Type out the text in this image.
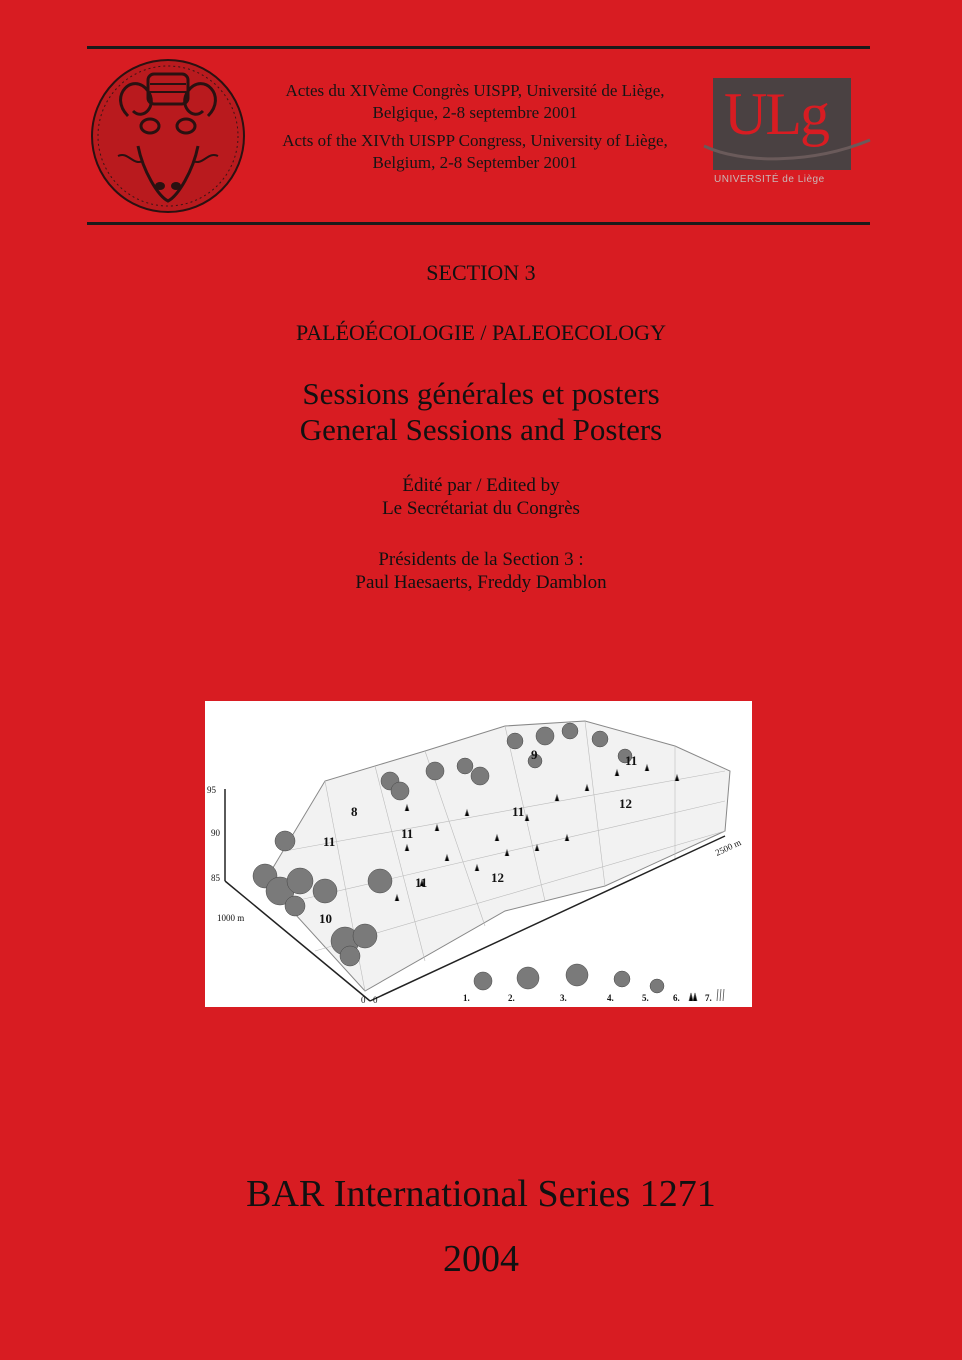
Actes du XIVème Congrès UISPP, Université de Liège,

Belgique, 2-8 septembre 2001

Acts of the XIVth UISPP Congress, University of Liège,

Belgium, 2-8 September 2001

ULg
UNIVERSITÉ de Liège
SECTION 3
PALÉOÉCOLOGIE / PALEOECOLOGY

Sessions générales et posters

General Sessions and Posters

Édité par / Edited by

Le Secrétariat du Congrès

Présidents de la Section 3 :

Paul Haesaerts, Freddy Damblon

95
90
85
1000 m
0 0
2500 m
8
9
10
11
11
11
11
11
12
12
1.	2.	3.	4.	5.	6.	7.
BAR International Series 1271
2004
